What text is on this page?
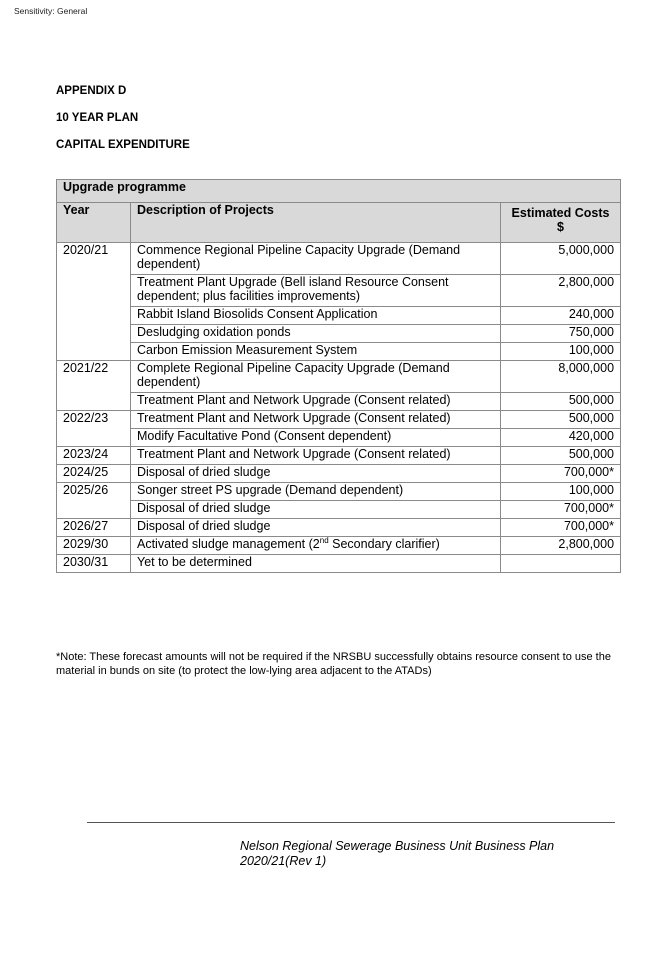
Sensitivity: General
APPENDIX D
10 YEAR PLAN
CAPITAL EXPENDITURE
Upgrade programme		
Year	Description of Projects	Estimated Costs
$
2020/21	Commence Regional Pipeline Capacity Upgrade (Demand dependent)	5,000,000
	Treatment Plant Upgrade (Bell island Resource Consent dependent; plus facilities improvements)	2,800,000
	Rabbit Island Biosolids Consent Application	240,000
	Desludging oxidation ponds	750,000
	Carbon Emission Measurement System	100,000
2021/22	Complete Regional Pipeline Capacity Upgrade (Demand dependent)	8,000,000
	Treatment Plant and Network Upgrade (Consent related)	500,000
2022/23	Treatment Plant and Network Upgrade (Consent related)	500,000
	Modify Facultative Pond (Consent dependent)	420,000
2023/24	Treatment Plant and Network Upgrade (Consent related)	500,000
2024/25	Disposal of dried sludge	700,000*
2025/26	Songer street PS upgrade (Demand dependent)	100,000
	Disposal of dried sludge	700,000*
2026/27	Disposal of dried sludge	700,000*
2029/30	Activated sludge management (2nd Secondary clarifier)	2,800,000
2030/31	Yet to be determined	
*Note: These forecast amounts will not be required if the NRSBU successfully obtains resource consent to use the material in bunds on site (to protect the low-lying area adjacent to the ATADs)
Nelson Regional Sewerage Business Unit Business Plan
2020/21(Rev 1)
